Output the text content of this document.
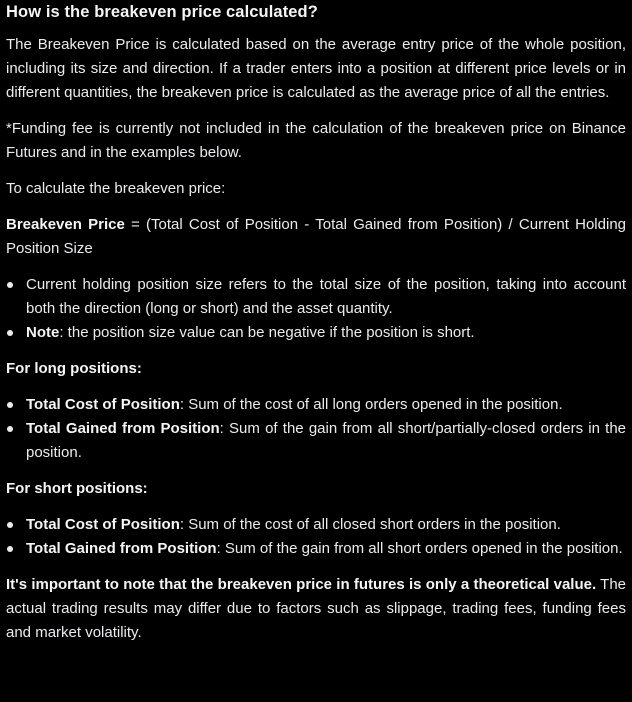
How is the breakeven price calculated?

The Breakeven Price is calculated based on the average entry price of the whole position, including its size and direction. If a trader enters into a position at different price levels or in different quantities, the breakeven price is calculated as the average price of all the entries.

*Funding fee is currently not included in the calculation of the breakeven price on Binance Futures and in the examples below.

To calculate the breakeven price:

Breakeven Price = (Total Cost of Position - Total Gained from Position) / Current Holding Position Size

Current holding position size refers to the total size of the position, taking into account both the direction (long or short) and the asset quantity.
Note: the position size value can be negative if the position is short.

For long positions:

Total Cost of Position: Sum of the cost of all long orders opened in the position.
Total Gained from Position: Sum of the gain from all short/partially-closed orders in the position.

For short positions:

Total Cost of Position: Sum of the cost of all closed short orders in the position.
Total Gained from Position: Sum of the gain from all short orders opened in the position.

It's important to note that the breakeven price in futures is only a theoretical value. The actual trading results may differ due to factors such as slippage, trading fees, funding fees and market volatility.
